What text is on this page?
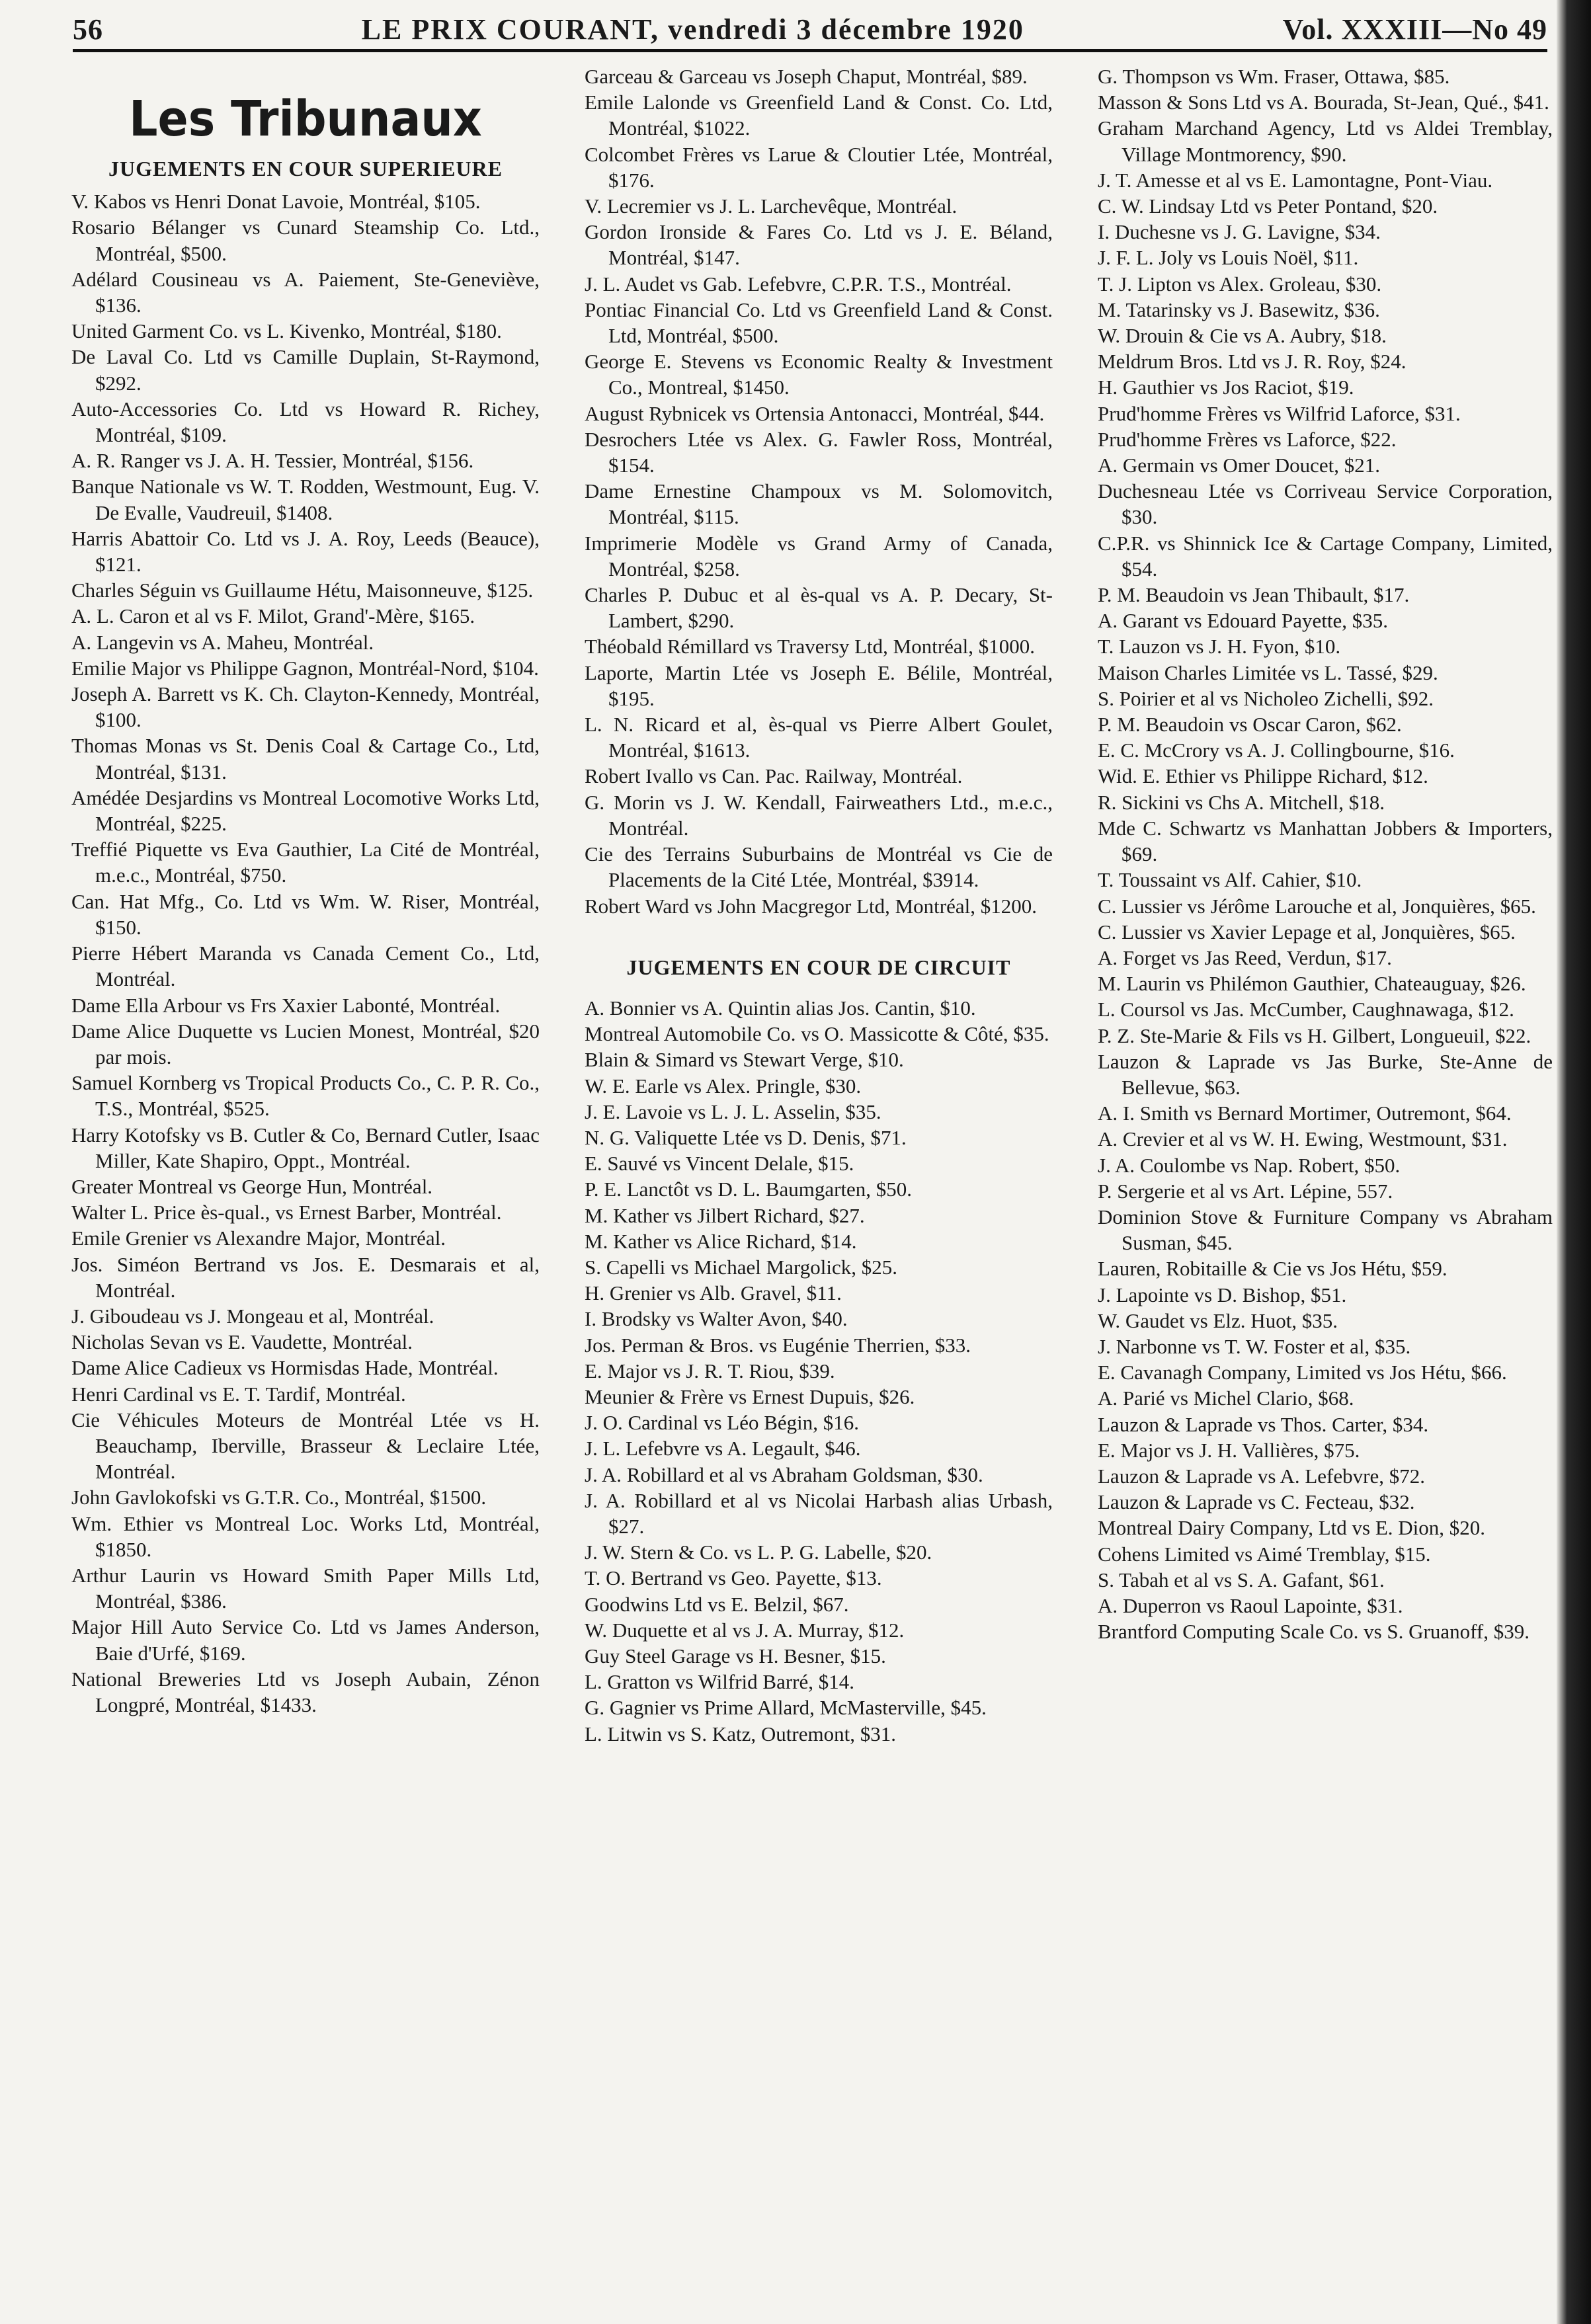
56	LE PRIX COURANT, vendredi 3 décembre 1920	Vol. XXXIII—No 49
Les Tribunaux
JUGEMENTS EN COUR SUPERIEURE

V. Kabos vs Henri Donat Lavoie, Montréal, $105.

Rosario Bélanger vs Cunard Steamship Co. Ltd., Montréal, $500.

Adélard Cousineau vs A. Paiement, Ste-Geneviève, $136.

United Garment Co. vs L. Kivenko, Montréal, $180.

De Laval Co. Ltd vs Camille Duplain, St-Raymond, $292.

Auto-Accessories Co. Ltd vs Howard R. Richey, Montréal, $109.

A. R. Ranger vs J. A. H. Tessier, Montréal, $156.

Banque Nationale vs W. T. Rodden, Westmount, Eug. V. De Evalle, Vaudreuil, $1408.

Harris Abattoir Co. Ltd vs J. A. Roy, Leeds (Beauce), $121.

Charles Séguin vs Guillaume Hétu, Maisonneuve, $125.

A. L. Caron et al vs F. Milot, Grand'-Mère, $165.

A. Langevin vs A. Maheu, Montréal.

Emilie Major vs Philippe Gagnon, Montréal-Nord, $104.

Joseph A. Barrett vs K. Ch. Clayton-Kennedy, Montréal, $100.

Thomas Monas vs St. Denis Coal & Cartage Co., Ltd, Montréal, $131.

Amédée Desjardins vs Montreal Locomotive Works Ltd, Montréal, $225.

Treffié Piquette vs Eva Gauthier, La Cité de Montréal, m.e.c., Montréal, $750.

Can. Hat Mfg., Co. Ltd vs Wm. W. Riser, Montréal, $150.

Pierre Hébert Maranda vs Canada Cement Co., Ltd, Montréal.

Dame Ella Arbour vs Frs Xaxier Labonté, Montréal.

Dame Alice Duquette vs Lucien Monest, Montréal, $20 par mois.

Samuel Kornberg vs Tropical Products Co., C. P. R. Co., T.S., Montréal, $525.

Harry Kotofsky vs B. Cutler & Co, Bernard Cutler, Isaac Miller, Kate Shapiro, Oppt., Montréal.

Greater Montreal vs George Hun, Montréal.

Walter L. Price ès-qual., vs Ernest Barber, Montréal.

Emile Grenier vs Alexandre Major, Montréal.

Jos. Siméon Bertrand vs Jos. E. Desmarais et al, Montréal.

J. Giboudeau vs J. Mongeau et al, Montréal.

Nicholas Sevan vs E. Vaudette, Montréal.

Dame Alice Cadieux vs Hormisdas Hade, Montréal.

Henri Cardinal vs E. T. Tardif, Montréal.

Cie Véhicules Moteurs de Montréal Ltée vs H. Beauchamp, Iberville, Brasseur & Leclaire Ltée, Montréal.

John Gavlokofski vs G.T.R. Co., Montréal, $1500.

Wm. Ethier vs Montreal Loc. Works Ltd, Montréal, $1850.

Arthur Laurin vs Howard Smith Paper Mills Ltd, Montréal, $386.

Major Hill Auto Service Co. Ltd vs James Anderson, Baie d'Urfé, $169.

National Breweries Ltd vs Joseph Aubain, Zénon Longpré, Montréal, $1433.

Garceau & Garceau vs Joseph Chaput, Montréal, $89.

Emile Lalonde vs Greenfield Land & Const. Co. Ltd, Montréal, $1022.

Colcombet Frères vs Larue & Cloutier Ltée, Montréal, $176.

V. Lecremier vs J. L. Larchevêque, Montréal.

Gordon Ironside & Fares Co. Ltd vs J. E. Béland, Montréal, $147.

J. L. Audet vs Gab. Lefebvre, C.P.R. T.S., Montréal.

Pontiac Financial Co. Ltd vs Greenfield Land & Const. Ltd, Montréal, $500.

George E. Stevens vs Economic Realty & Investment Co., Montreal, $1450.

August Rybnicek vs Ortensia Antonacci, Montréal, $44.

Desrochers Ltée vs Alex. G. Fawler Ross, Montréal, $154.

Dame Ernestine Champoux vs M. Solomovitch, Montréal, $115.

Imprimerie Modèle vs Grand Army of Canada, Montréal, $258.

Charles P. Dubuc et al ès-qual vs A. P. Decary, St-Lambert, $290.

Théobald Rémillard vs Traversy Ltd, Montréal, $1000.

Laporte, Martin Ltée vs Joseph E. Bélile, Montréal, $195.

L. N. Ricard et al, ès-qual vs Pierre Albert Goulet, Montréal, $1613.

Robert Ivallo vs Can. Pac. Railway, Montréal.

G. Morin vs J. W. Kendall, Fairweathers Ltd., m.e.c., Montréal.

Cie des Terrains Suburbains de Montréal vs Cie de Placements de la Cité Ltée, Montréal, $3914.

Robert Ward vs John Macgregor Ltd, Montréal, $1200.

JUGEMENTS EN COUR DE CIRCUIT

A. Bonnier vs A. Quintin alias Jos. Cantin, $10.

Montreal Automobile Co. vs O. Massicotte & Côté, $35.

Blain & Simard vs Stewart Verge, $10.

W. E. Earle vs Alex. Pringle, $30.

J. E. Lavoie vs L. J. L. Asselin, $35.

N. G. Valiquette Ltée vs D. Denis, $71.

E. Sauvé vs Vincent Delale, $15.

P. E. Lanctôt vs D. L. Baumgarten, $50.

M. Kather vs Jilbert Richard, $27.

M. Kather vs Alice Richard, $14.

S. Capelli vs Michael Margolick, $25.

H. Grenier vs Alb. Gravel, $11.

I. Brodsky vs Walter Avon, $40.

Jos. Perman & Bros. vs Eugénie Therrien, $33.

E. Major vs J. R. T. Riou, $39.

Meunier & Frère vs Ernest Dupuis, $26.

J. O. Cardinal vs Léo Bégin, $16.

J. L. Lefebvre vs A. Legault, $46.

J. A. Robillard et al vs Abraham Goldsman, $30.

J. A. Robillard et al vs Nicolai Harbash alias Urbash, $27.

J. W. Stern & Co. vs L. P. G. Labelle, $20.

T. O. Bertrand vs Geo. Payette, $13.

Goodwins Ltd vs E. Belzil, $67.

W. Duquette et al vs J. A. Murray, $12.

Guy Steel Garage vs H. Besner, $15.

L. Gratton vs Wilfrid Barré, $14.

G. Gagnier vs Prime Allard, McMasterville, $45.

L. Litwin vs S. Katz, Outremont, $31.

G. Thompson vs Wm. Fraser, Ottawa, $85.

Masson & Sons Ltd vs A. Bourada, St-Jean, Qué., $41.

Graham Marchand Agency, Ltd vs Aldei Tremblay, Village Montmorency, $90.

J. T. Amesse et al vs E. Lamontagne, Pont-Viau.

C. W. Lindsay Ltd vs Peter Pontand, $20.

I. Duchesne vs J. G. Lavigne, $34.

J. F. L. Joly vs Louis Noël, $11.

T. J. Lipton vs Alex. Groleau, $30.

M. Tatarinsky vs J. Basewitz, $36.

W. Drouin & Cie vs A. Aubry, $18.

Meldrum Bros. Ltd vs J. R. Roy, $24.

H. Gauthier vs Jos Raciot, $19.

Prud'homme Frères vs Wilfrid Laforce, $31.

Prud'homme Frères vs Laforce, $22.

A. Germain vs Omer Doucet, $21.

Duchesneau Ltée vs Corriveau Service Corporation, $30.

C.P.R. vs Shinnick Ice & Cartage Company, Limited, $54.

P. M. Beaudoin vs Jean Thibault, $17.

A. Garant vs Edouard Payette, $35.

T. Lauzon vs J. H. Fyon, $10.

Maison Charles Limitée vs L. Tassé, $29.

S. Poirier et al vs Nicholeo Zichelli, $92.

P. M. Beaudoin vs Oscar Caron, $62.

E. C. McCrory vs A. J. Collingbourne, $16.

Wid. E. Ethier vs Philippe Richard, $12.

R. Sickini vs Chs A. Mitchell, $18.

Mde C. Schwartz vs Manhattan Jobbers & Importers, $69.

T. Toussaint vs Alf. Cahier, $10.

C. Lussier vs Jérôme Larouche et al, Jonquières, $65.

C. Lussier vs Xavier Lepage et al, Jonquières, $65.

A. Forget vs Jas Reed, Verdun, $17.

M. Laurin vs Philémon Gauthier, Chateauguay, $26.

L. Coursol vs Jas. McCumber, Caughnawaga, $12.

P. Z. Ste-Marie & Fils vs H. Gilbert, Longueuil, $22.

Lauzon & Laprade vs Jas Burke, Ste-Anne de Bellevue, $63.

A. I. Smith vs Bernard Mortimer, Outremont, $64.

A. Crevier et al vs W. H. Ewing, Westmount, $31.

J. A. Coulombe vs Nap. Robert, $50.

P. Sergerie et al vs Art. Lépine, 557.

Dominion Stove & Furniture Company vs Abraham Susman, $45.

Lauren, Robitaille & Cie vs Jos Hétu, $59.

J. Lapointe vs D. Bishop, $51.

W. Gaudet vs Elz. Huot, $35.

J. Narbonne vs T. W. Foster et al, $35.

E. Cavanagh Company, Limited vs Jos Hétu, $66.

A. Parié vs Michel Clario, $68.

Lauzon & Laprade vs Thos. Carter, $34.

E. Major vs J. H. Vallières, $75.

Lauzon & Laprade vs A. Lefebvre, $72.

Lauzon & Laprade vs C. Fecteau, $32.

Montreal Dairy Company, Ltd vs E. Dion, $20.

Cohens Limited vs Aimé Tremblay, $15.

S. Tabah et al vs S. A. Gafant, $61.

A. Duperron vs Raoul Lapointe, $31.

Brantford Computing Scale Co. vs S. Gruanoff, $39.
